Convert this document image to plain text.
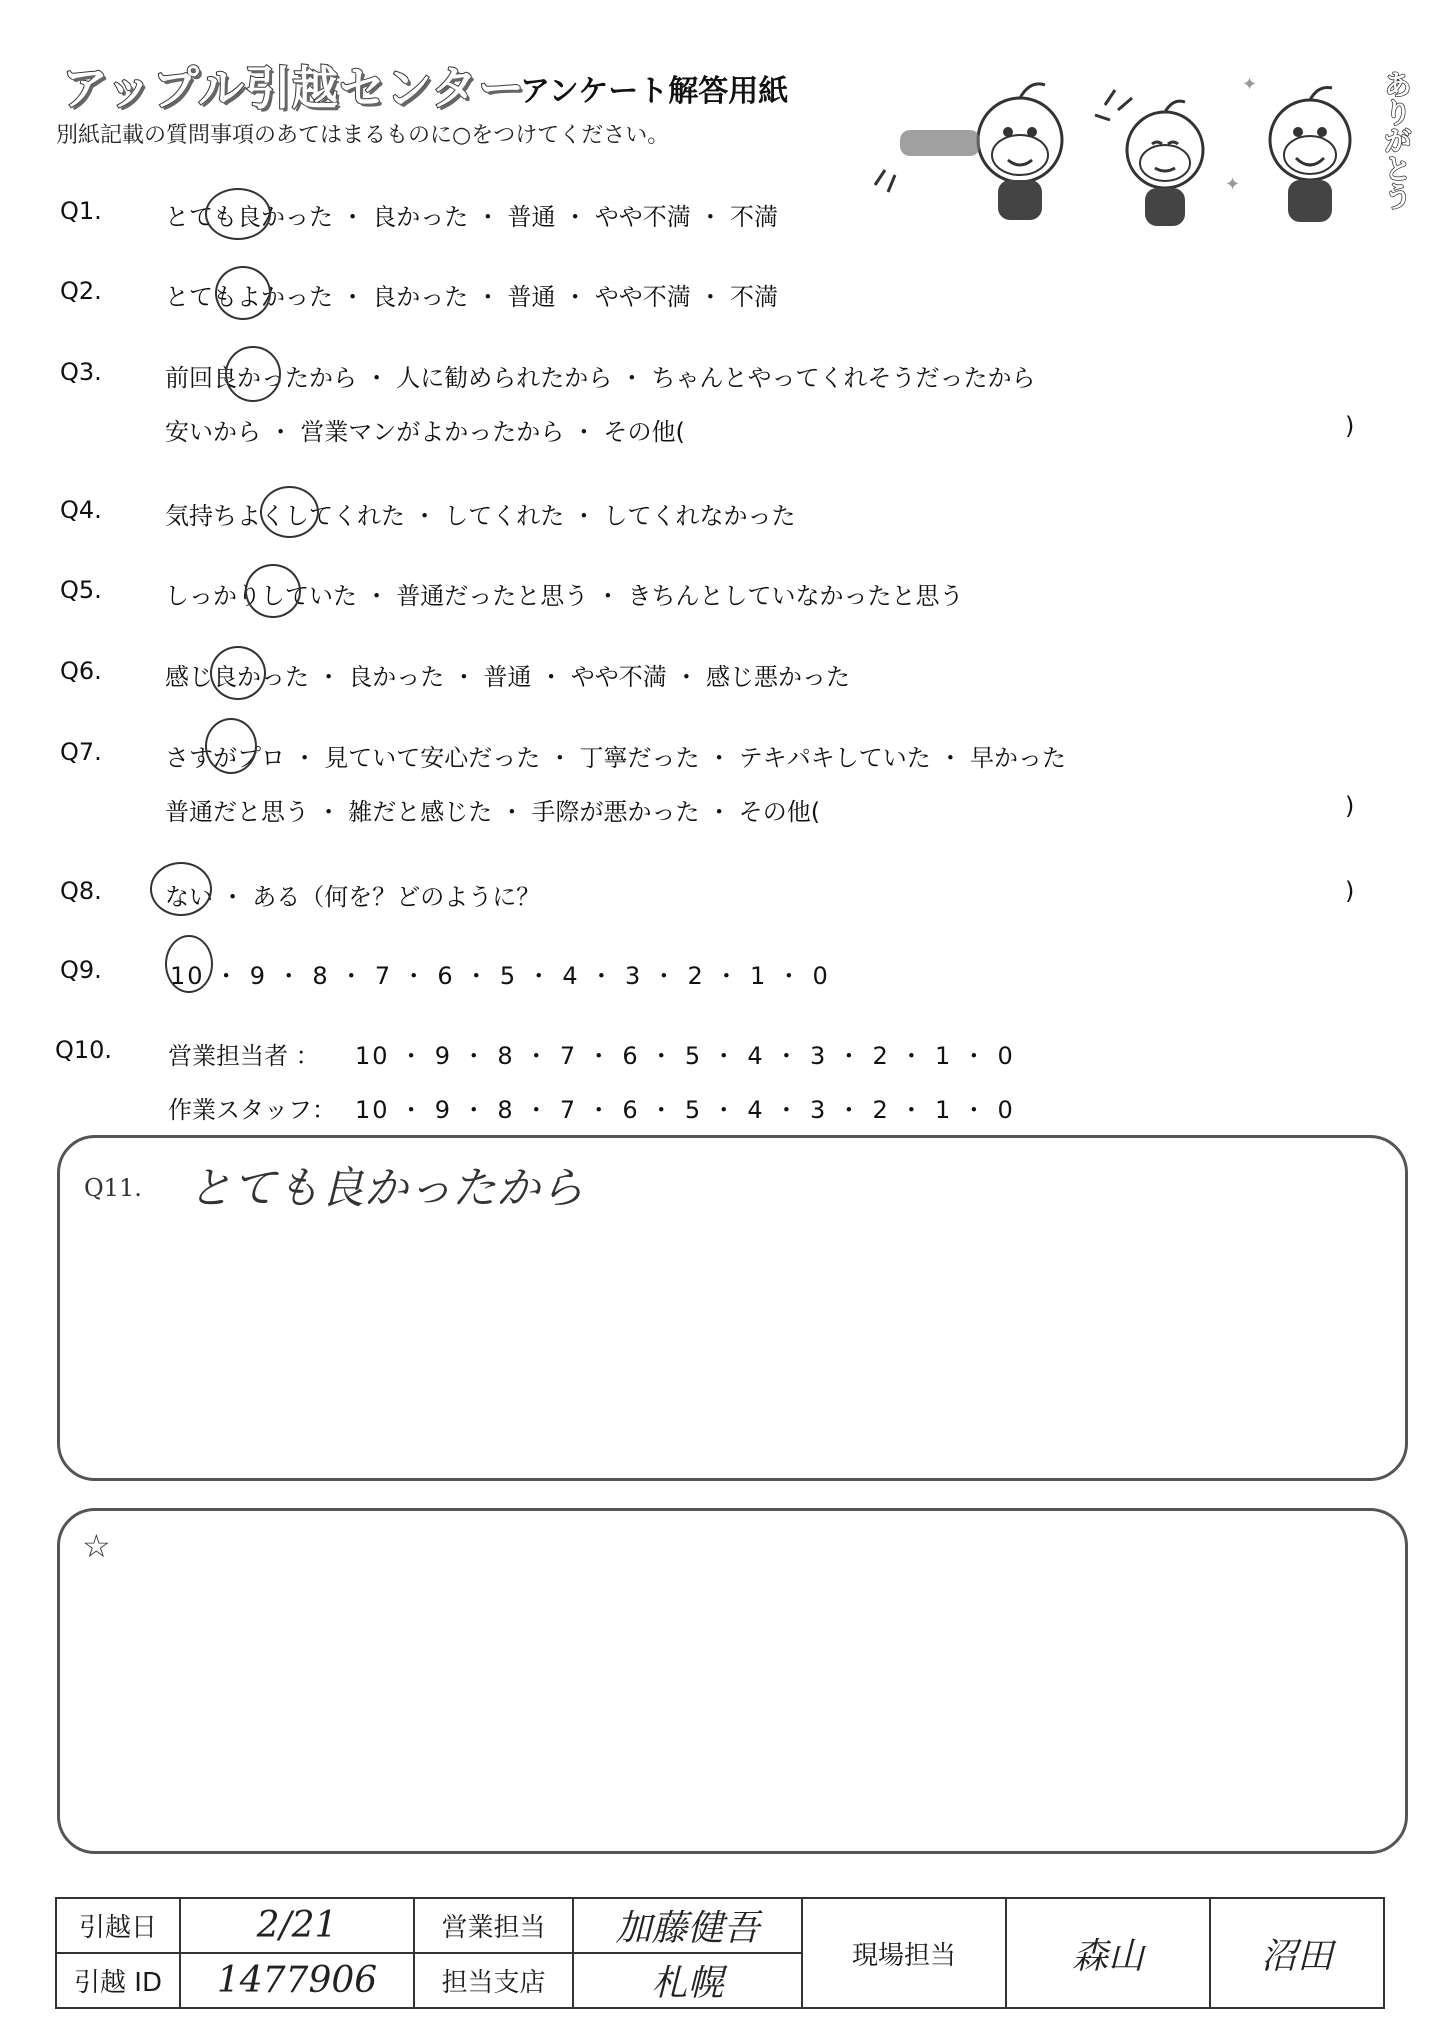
アップル引越センター
アンケート解答用紙
別紙記載の質問事項のあてはまるものに○をつけてください。
✦
✦	ありがとう
Q1.	とても良かった ・ 良かった ・ 普通 ・ やや不満 ・ 不満
Q2.	とてもよかった ・ 良かった ・ 普通 ・ やや不満 ・ 不満
Q3.	前回良かったから ・ 人に勧められたから ・ ちゃんとやってくれそうだったから
安いから ・ 営業マンがよかったから ・ その他(	)
Q4.	気持ちよくしてくれた ・ してくれた ・ してくれなかった
Q5.	しっかりしていた ・ 普通だったと思う ・ きちんとしていなかったと思う
Q6.	感じ良かった ・ 良かった ・ 普通 ・ やや不満 ・ 感じ悪かった
Q7.	さすがプロ ・ 見ていて安心だった ・ 丁寧だった ・ テキパキしていた ・ 早かった
普通だと思う ・ 雑だと感じた ・ 手際が悪かった ・ その他(	)
Q8.	ない ・ ある（何を？どのように？	)
Q9.	10 ・ 9 ・ 8 ・ 7 ・ 6 ・ 5 ・ 4 ・ 3 ・ 2 ・ 1 ・ 0
Q10. 営業担当者 ： 10 ・ 9 ・ 8 ・ 7 ・ 6 ・ 5 ・ 4 ・ 3 ・ 2 ・ 1 ・ 0
作業スタッフ： 10 ・ 9 ・ 8 ・ 7 ・ 6 ・ 5 ・ 4 ・ 3 ・ 2 ・ 1 ・ 0
Q11. とても良かったから
☆
引越日	2/21	営業担当	加藤健吾	現場担当	森山	沼田
引越 ID	1477906	担当支店	札幌			
